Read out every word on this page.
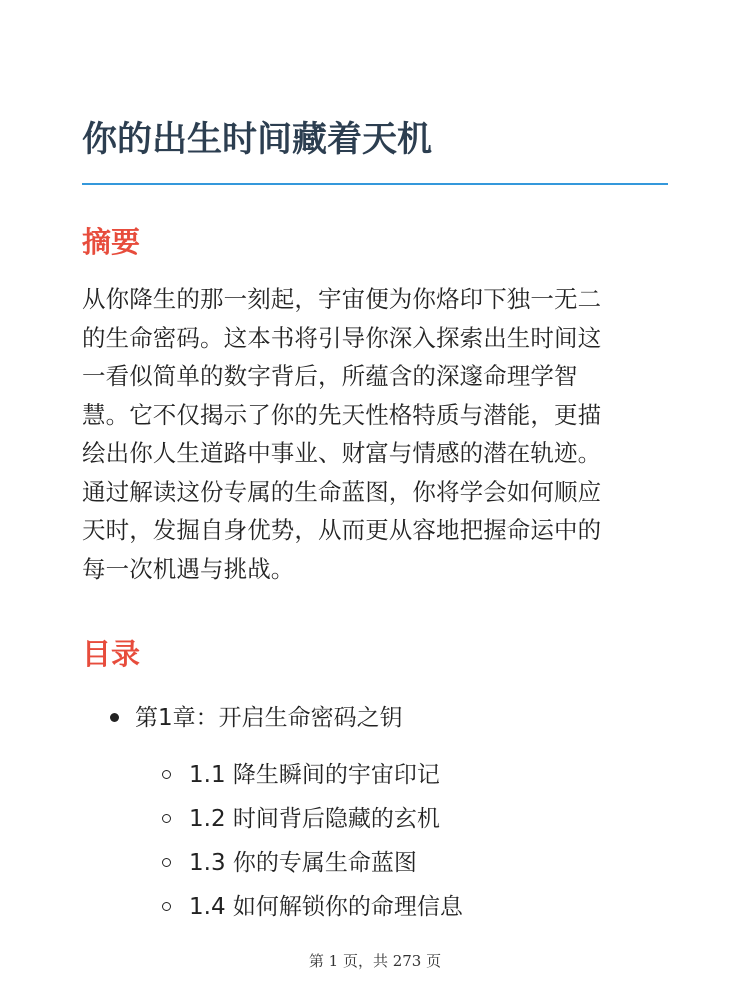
你的出生时间藏着天机
摘要

从你降生的那一刻起，宇宙便为你烙印下独一无二
的生命密码。这本书将引导你深入探索出生时间这
一看似简单的数字背后，所蕴含的深邃命理学智
慧。它不仅揭示了你的先天性格特质与潜能，更描
绘出你人生道路中事业、财富与情感的潜在轨迹。
通过解读这份专属的生命蓝图，你将学会如何顺应
天时，发掘自身优势，从而更从容地把握命运中的
每一次机遇与挑战。

目录
第1章：开启生命密码之钥
1.1 降生瞬间的宇宙印记
1.2 时间背后隐藏的玄机
1.3 你的专属生命蓝图
1.4 如何解锁你的命理信息
第 1 页，共 273 页
